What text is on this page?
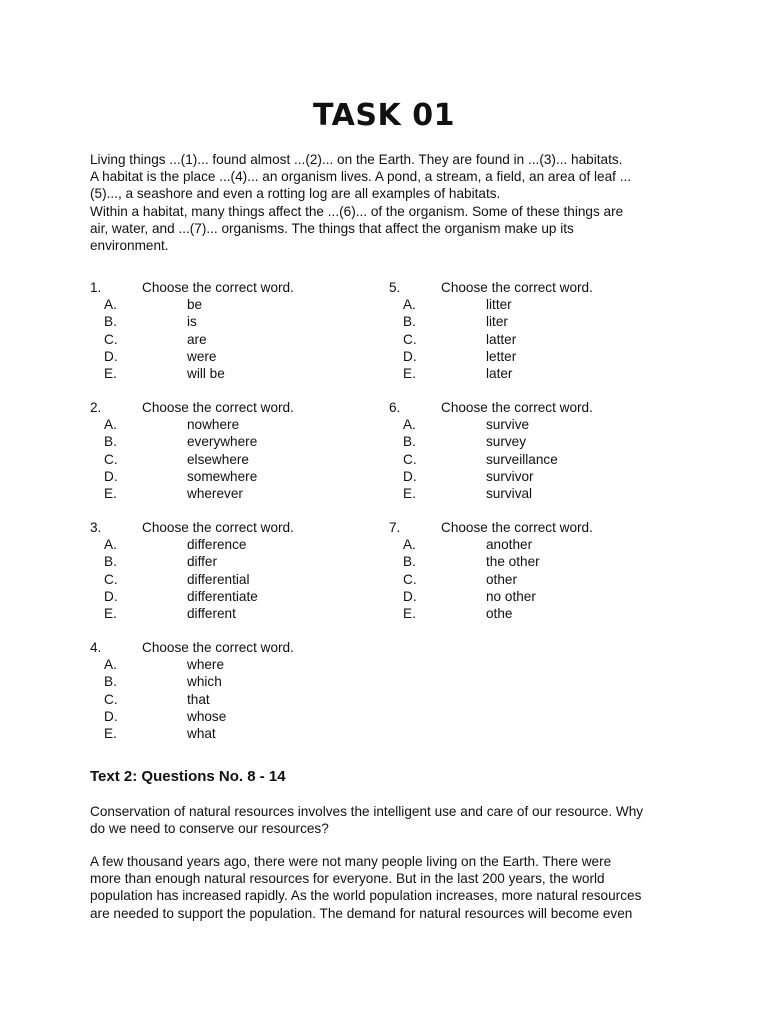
TASK 01

Living things ...(1)... found almost ...(2)... on the Earth. They are found in ...(3)... habitats.

A habitat is the place ...(4)... an organism lives. A pond, a stream, a field, an area of leaf ...

(5)..., a seashore and even a rotting log are all examples of habitats.

Within a habitat, many things affect the ...(6)... of the organism. Some of these things are

air, water, and ...(7)... organisms. The things that affect the organism make up its

environment.

1.	Choose the correct word.
A.	be
B.	is
C.	are
D.	were
E.	will be
2.	Choose the correct word.
A.	nowhere
B.	everywhere
C.	elsewhere
D.	somewhere
E.	wherever
3.	Choose the correct word.
A.	difference
B.	differ
C.	differential
D.	differentiate
E.	different
4.	Choose the correct word.
A.	where
B.	which
C.	that
D.	whose
E.	what
5.	Choose the correct word.
A.	litter
B.	liter
C.	latter
D.	letter
E.	later
6.	Choose the correct word.
A.	survive
B.	survey
C.	surveillance
D.	survivor
E.	survival
7.	Choose the correct word.
A.	another
B.	the other
C.	other
D.	no other
E.	othe
Text 2: Questions No. 8 - 14
Conservation of natural resources involves the intelligent use and care of our resource. Why
do we need to conserve our resources?
A few thousand years ago, there were not many people living on the Earth. There were
more than enough natural resources for everyone. But in the last 200 years, the world
population has increased rapidly. As the world population increases, more natural resources
are needed to support the population. The demand for natural resources will become even
